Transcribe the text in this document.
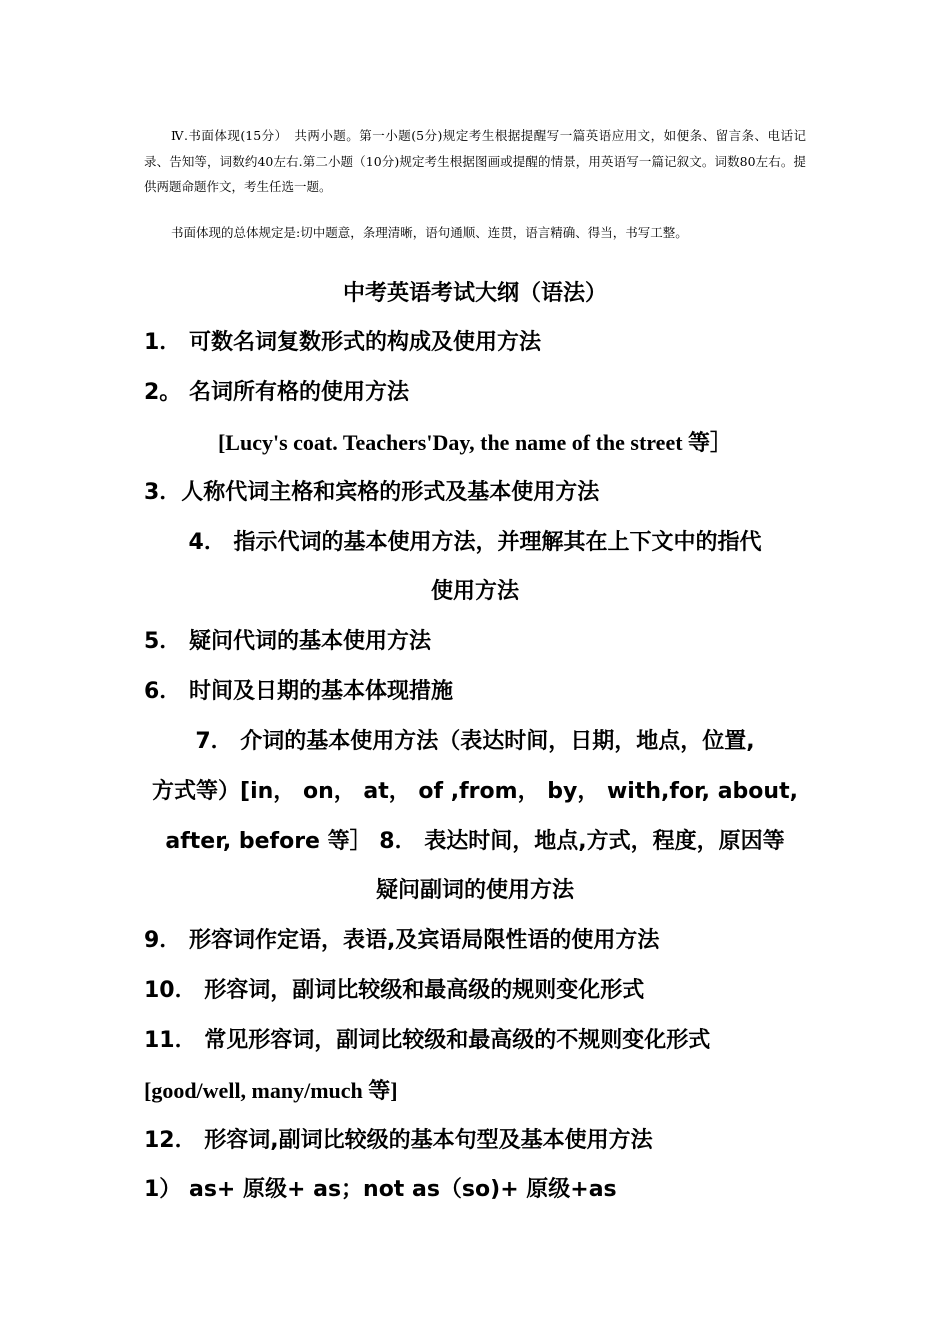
Ⅳ.书面体现(15分）　共两小题。第一小题(5分)规定考生根据提醒写一篇英语应用文，如便条、留言条、电话记录、告知等，词数约40左右.第二小题（10分)规定考生根据图画或提醒的情景，用英语写一篇记叙文。词数80左右。提供两题命题作文，考生任选一题。

书面体现的总体规定是:切中题意，条理清晰，语句通顺、连贯，语言精确、得当，书写工整。

中考英语考试大纲（语法）
1． 可数名词复数形式的构成及使用方法
2。 名词所有格的使用方法
[Lucy's coat. Teachers'Day, the name of the street 等］
3．人称代词主格和宾格的形式及基本使用方法
4． 指示代词的基本使用方法，并理解其在上下文中的指代
使用方法
5． 疑问代词的基本使用方法
6． 时间及日期的基本体现措施
7． 介词的基本使用方法（表达时间，日期，地点，位置,
方式等）[in， on， at， of ,from， by， with,for, about,
after, before 等］ 8． 表达时间，地点,方式，程度，原因等
疑问副词的使用方法
9． 形容词作定语，表语,及宾语局限性语的使用方法
10． 形容词，副词比较级和最高级的规则变化形式
11． 常见形容词，副词比较级和最高级的不规则变化形式
[good/well, many/much 等]
12． 形容词,副词比较级的基本句型及基本使用方法
1） as+ 原级+ as；not as（so)+ 原级+as
